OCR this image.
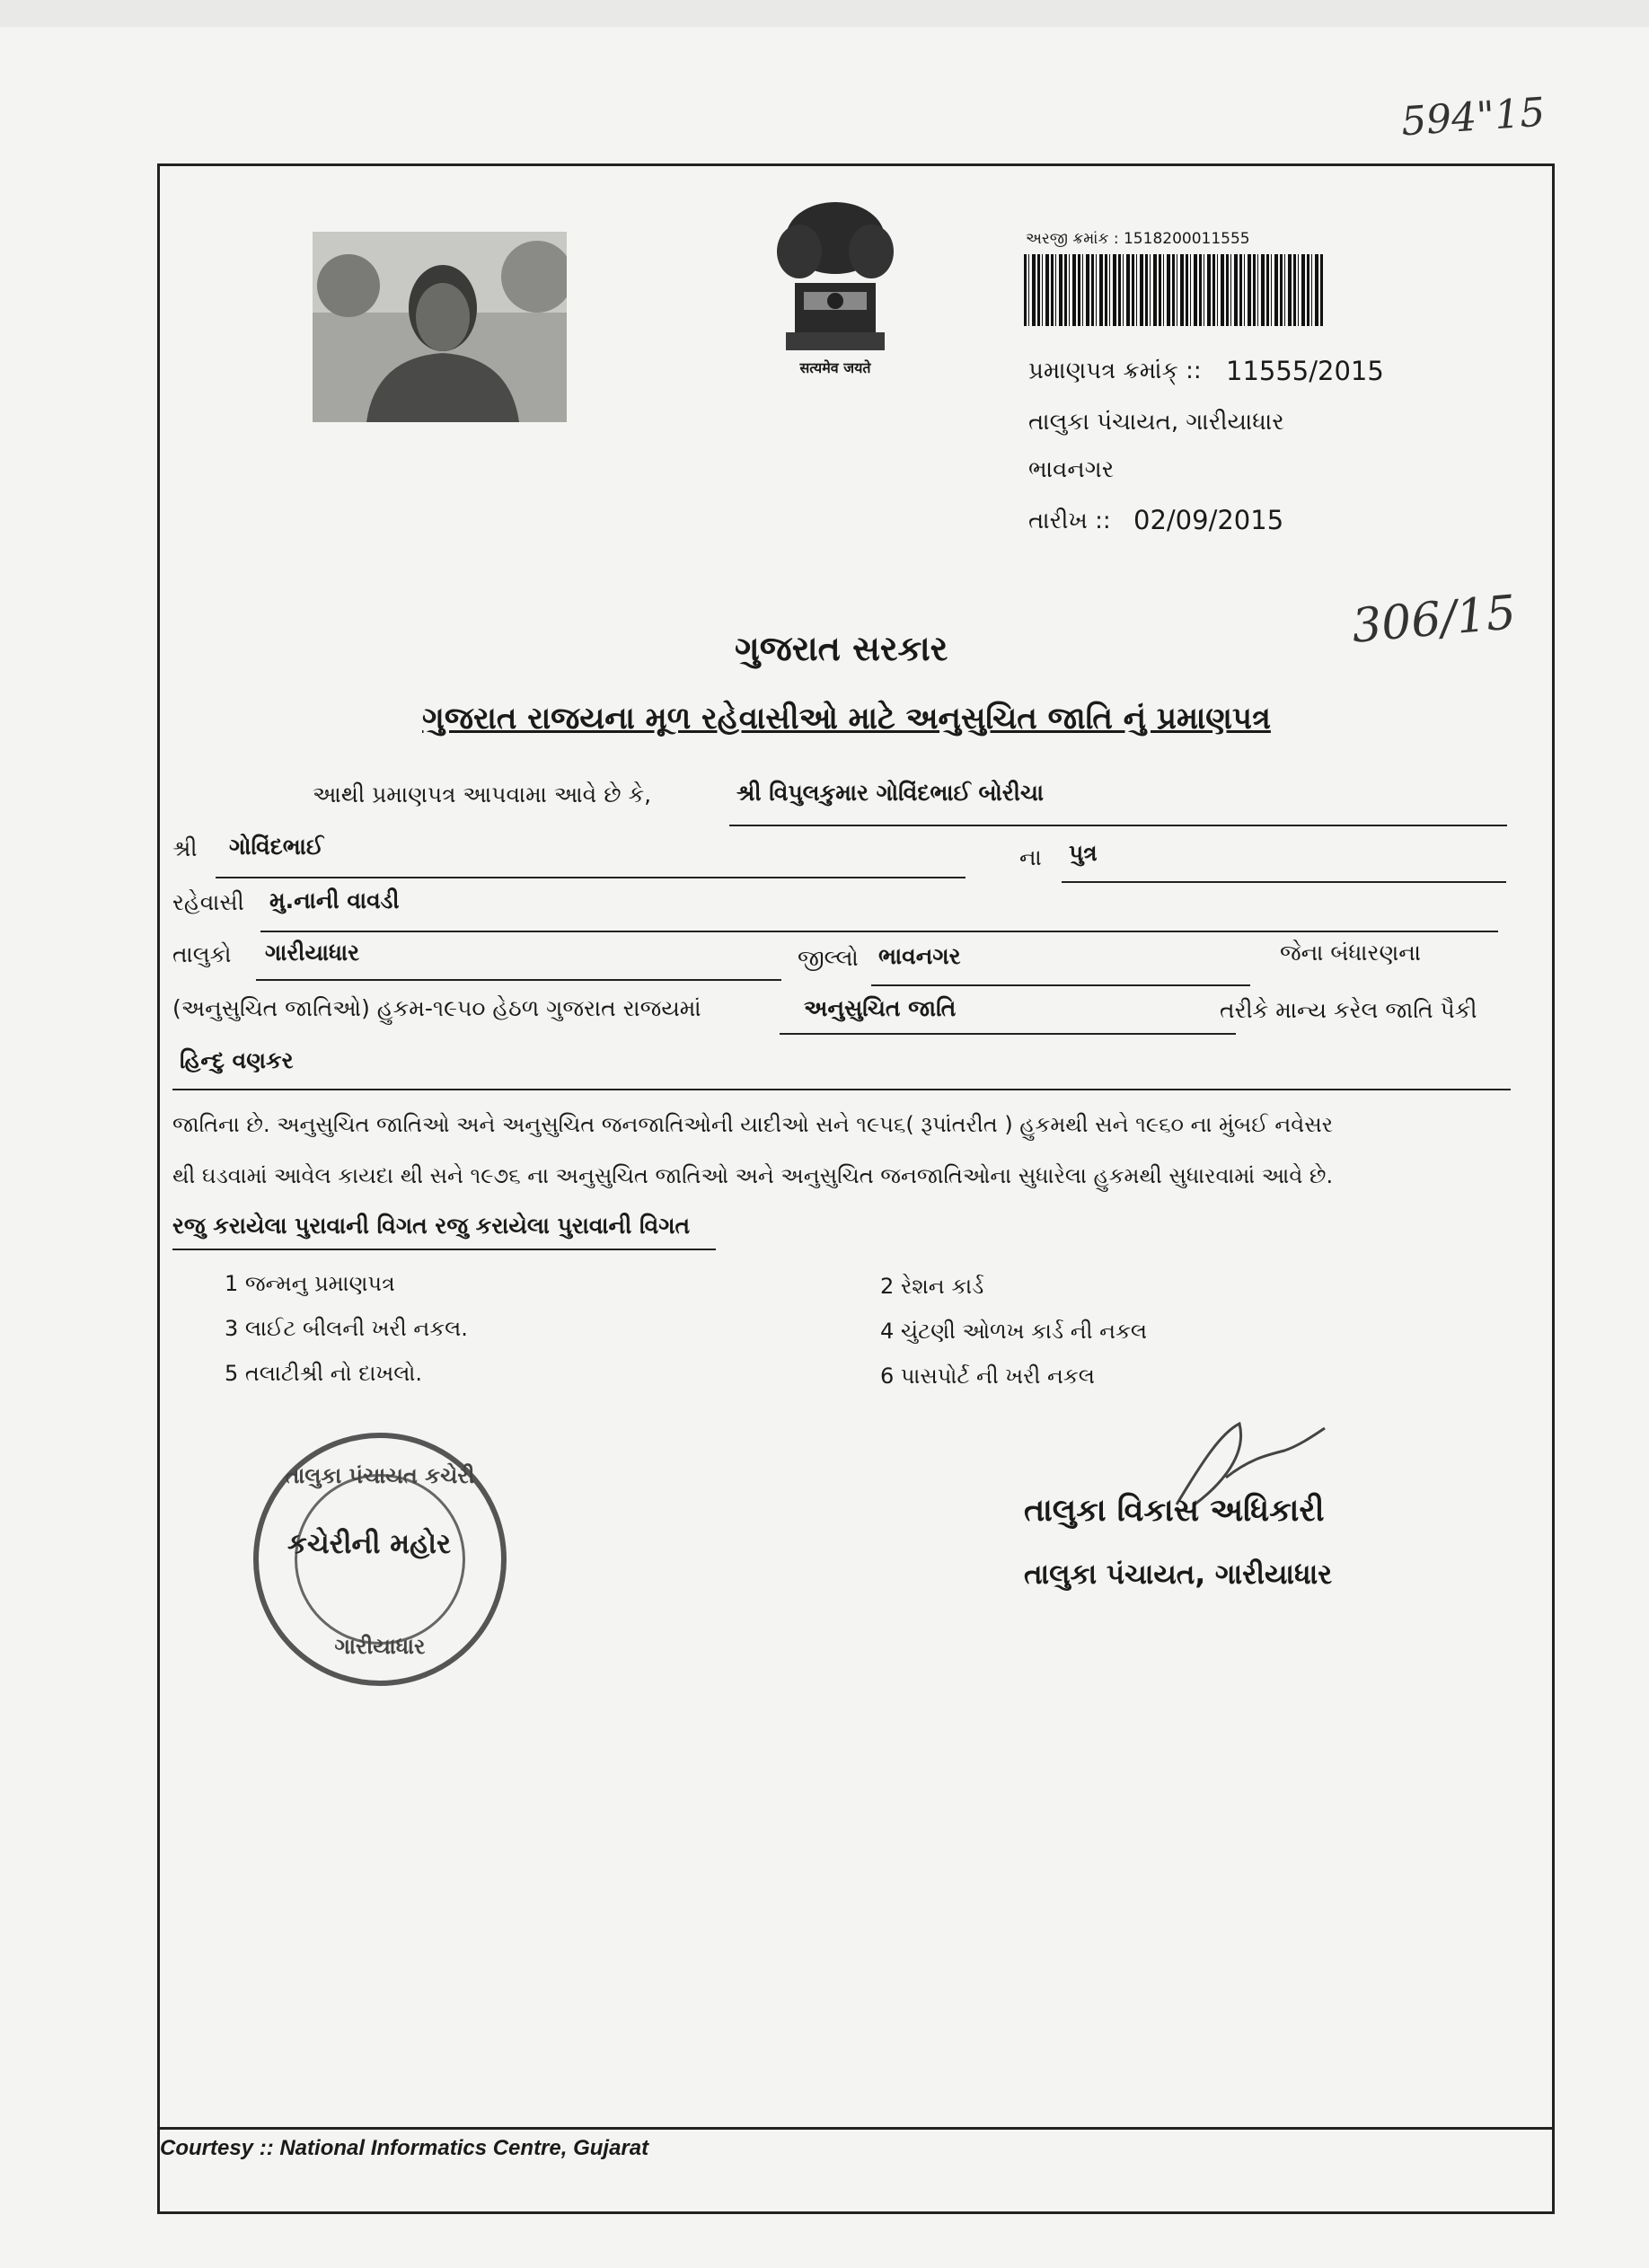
594"15
306/15
सत्यमेव जयते
અરજી ક્રમાંક : 1518200011555
પ્રમાણપત્ર ક્રમાંક્ :: 11555/2015
તાલુકા પંચાયત, ગારીયાધાર
ભાવનગર
તારીખ :: 02/09/2015
ગુજરાત સરકાર
ગુજરાત રાજયના મૂળ રહેવાસીઓ માટે અનુસુચિત જાતિ નું પ્રમાણપત્ર
આથી પ્રમાણપત્ર આપવામા આવે છે કે,	શ્રી વિપુલકુમાર ગોવિંદભાઈ બોરીચા
શ્રી ગોવિંદભાઈ	ના પુત્ર
રહેવાસી મુ.નાની વાવડી
તાલુકો ગારીયાધાર	જીલ્લો ભાવનગર	જેના બંધારણના
(અનુસુચિત જાતિઓ) હુકમ-૧૯૫૦ હેઠળ ગુજરાત રાજયમાં	અનુસુચિત જાતિ	તરીકે માન્ય કરેલ જાતિ પૈકી
હિન્દુ વણકર
જાતિના છે. અનુસુચિત જાતિઓ અને અનુસુચિત જનજાતિઓની યાદીઓ સને ૧૯૫૬( રૂપાંતરીત ) હુકમથી સને ૧૯૬૦ ના મુંબઈ નવેસર
થી ઘડવામાં આવેલ કાયદા થી સને ૧૯૭૬ ના અનુસુચિત જાતિઓ અને અનુસુચિત જનજાતિઓના સુધારેલા હુકમથી સુધારવામાં આવે છે.
રજુ કરાયેલા પુરાવાની વિગત રજુ કરાયેલા પુરાવાની વિગત
1 જન્મનુ પ્રમાણપત્ર	2 રેશન કાર્ડ
3 લાઈટ બીલની ખરી નકલ.	4 ચુંટણી ઓળખ કાર્ડ ની નકલ
5 તલાટીશ્રી નો દાખલો.	6 પાસપોર્ટ ની ખરી નકલ
તાલુકા પંચાયત કચેરી
કચેરીની મહોર
ગારીયાધાર
તાલુકા વિકાસ અધિકારી
તાલુકા પંચાયત, ગારીયાધાર
Courtesy :: National Informatics Centre, Gujarat
